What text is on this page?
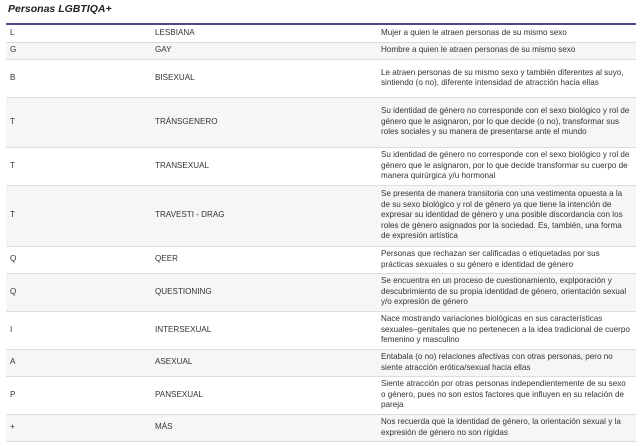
Personas LGBTIQA+
L	LESBIANA	Mujer a quien le atraen personas de su mismo sexo
G	GAY	Hombre a quien le atraen personas de su mismo sexo
B	BISEXUAL	Le atraen personas de su mismo sexo y también diferentes al suyo, sintiendo (o no), diferente intensidad de atracción hacia ellas
T	TRÁNSGENERO	Su identidad de género no corresponde con el sexo biológico y rol de género que le asignaron, por lo que decide (o no), transformar sus roles sociales y su manera de presentarse ante el mundo
T	TRANSEXUAL	Su identidad de género no corresponde con el sexo biológico y rol de género que le asignaron, por lo que decide transformar su cuerpo de manera quirúrgica y/u hormonal
T	TRAVESTI - DRAG	Se presenta de manera transitoria con una vestimenta opuesta a la de su sexo biológico y rol de género ya que tiene la intención de expresar su identidad de género y una posible discordancia con los roles de género asignados por la sociedad. Es, también, una forma de expresión artística
Q	QEER	Personas que rechazan ser calificadas o etiquetadas por sus prácticas sexuales o su género e identidad de género
Q	QUESTIONING	Se encuentra en un proceso de cuestionamiento, explporación y descubrimiento de su propia identidad de género, orientación sexual y/o expresión de género
I	INTERSEXUAL	Nace mostrando variaciones biológicas en sus características sexuales–genitales que no pertenecen a la idea tradicional de cuerpo femenino y masculino
A	ASEXUAL	Entabala (o no) relaciones afectivas con otras personas, pero no siente atracción erótica/sexual hacia ellas
P	PANSEXUAL	Siente atracción por otras personas independientemente de su sexo o género, pues no son estos factores que influyen en su relación de pareja
+	MÁS	Nos recuerda que la identidad de género, la orientación sexual y la expresión de género no son rígidas
